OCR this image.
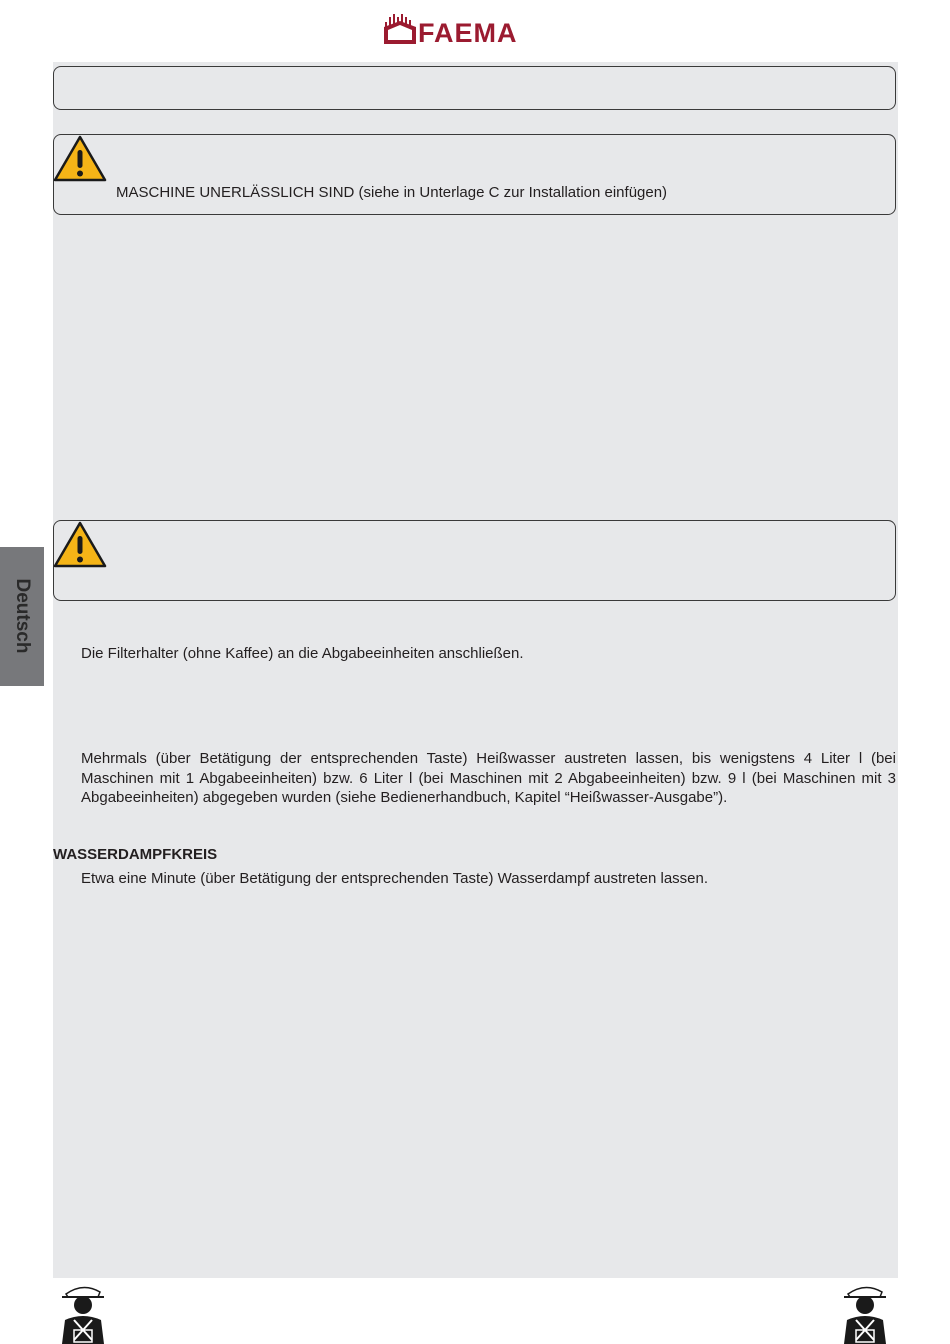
FAEMA
MASCHINE UNERLÄSSLICH SIND (siehe in Unterlage C zur Installation einfügen)
Deutsch
Die Filterhalter (ohne Kaffee) an die Abgabeeinheiten anschließen.
Mehrmals (über Betätigung der entsprechenden Taste) Heißwasser austreten lassen, bis wenigstens 4 Liter l (bei Maschinen mit 1 Abgabeeinheiten) bzw. 6 Liter l (bei Maschinen mit 2 Abgabeeinheiten) bzw. 9 l (bei Maschinen mit 3 Abgabeeinheiten) abgegeben wurden (siehe Bedienerhandbuch, Kapitel “Heißwasser-Ausgabe”).
WASSERDAMPFKREIS
Etwa eine Minute (über Betätigung der entsprechenden Taste) Wasserdampf austreten lassen.
